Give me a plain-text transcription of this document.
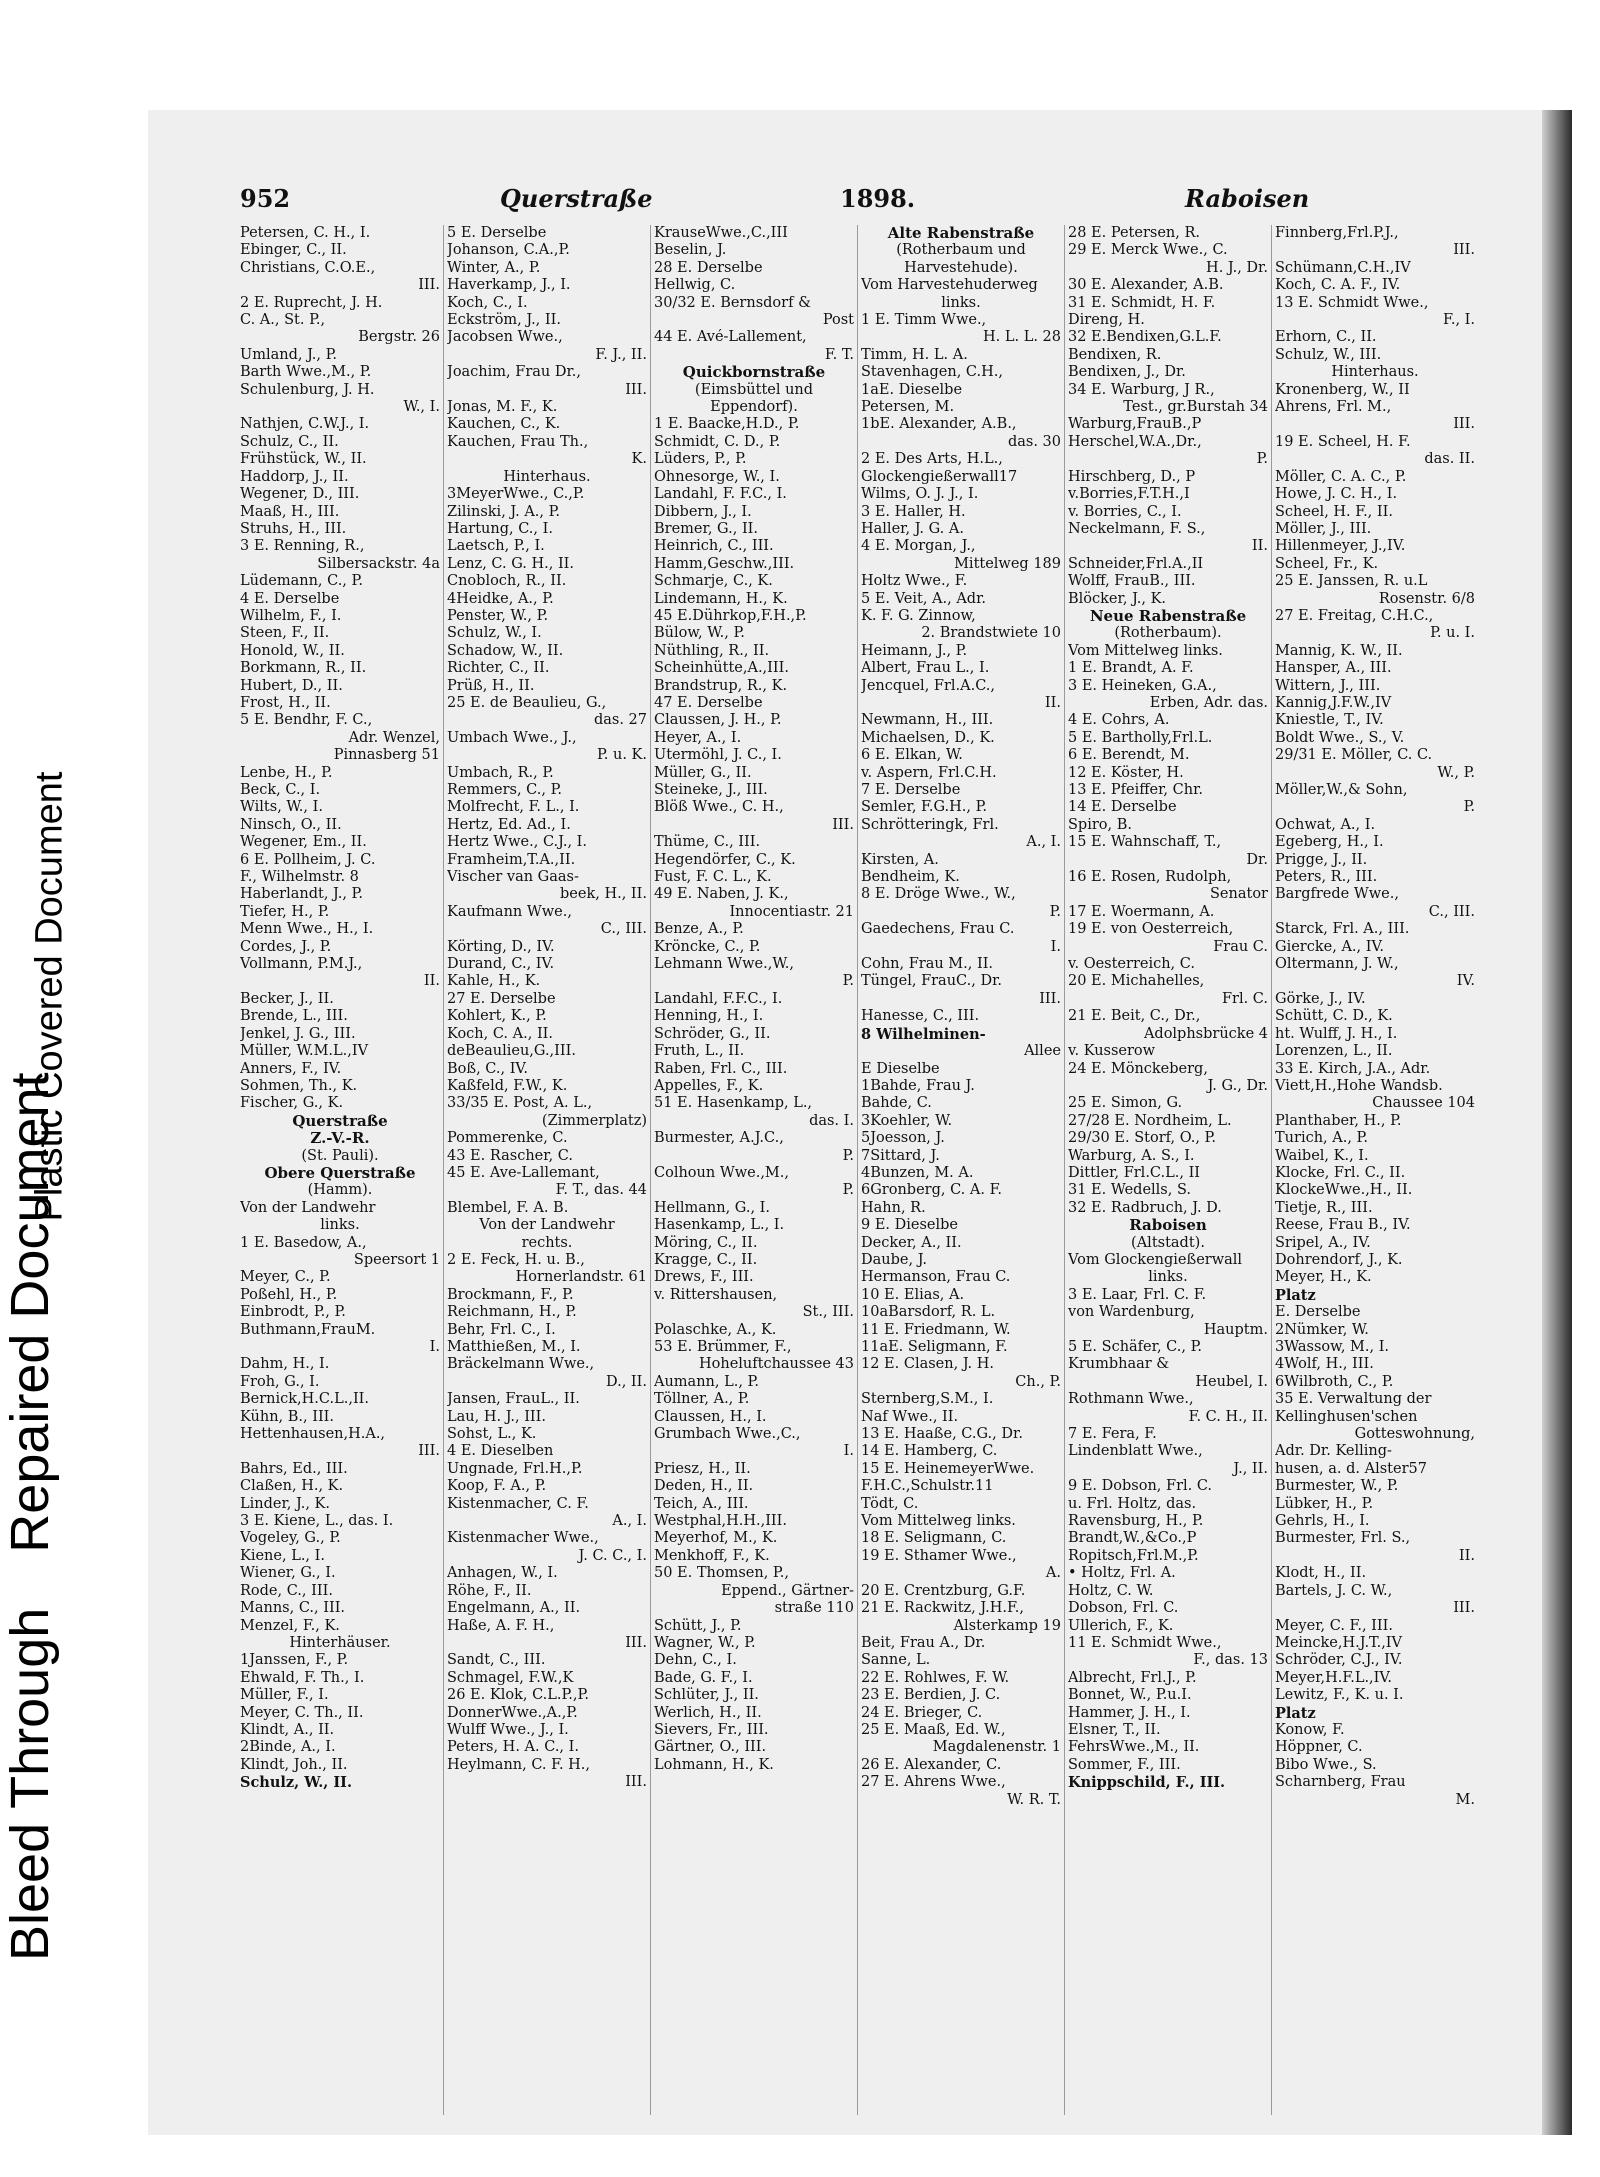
Bleed Through Repaired Document
Plastic Covered Document
952	Querstraße	1898.	Raboisen
Petersen, C. H., I.
Ebinger, C., II.
Christians, C.O.E.,
III.
2 E. Ruprecht, J. H.
C. A., St. P.,
Bergstr. 26
Umland, J., P.
Barth Wwe.,M., P.
Schulenburg, J. H.
W., I.
Nathjen, C.W.J., I.
Schulz, C., II.
Frühstück, W., II.
Haddorp, J., II.
Wegener, D., III.
Maaß, H., III.
Struhs, H., III.
3 E. Renning, R.,
Silbersackstr. 4a
Lüdemann, C., P.
4 E. Derselbe
Wilhelm, F., I.
Steen, F., II.
Honold, W., II.
Borkmann, R., II.
Hubert, D., II.
Frost, H., II.
5 E. Bendhr, F. C.,
Adr. Wenzel,
Pinnasberg 51
Lenbe, H., P.
Beck, C., I.
Wilts, W., I.
Ninsch, O., II.
Wegener, Em., II.
6 E. Pollheim, J. C.
F., Wilhelmstr. 8
Haberlandt, J., P.
Tiefer, H., P.
Menn Wwe., H., I.
Cordes, J., P.
Vollmann, P.M.J.,
II.
Becker, J., II.
Brende, L., III.
Jenkel, J. G., III.
Müller, W.M.L.,IV
Anners, F., IV.
Sohmen, Th., K.
Fischer, G., K.
Querstraße
Z.-V.-R.
(St. Pauli).
Obere Querstraße
(Hamm).
Von der Landwehr
links.
1 E. Basedow, A.,
Speersort 1
Meyer, C., P.
Poßehl, H., P.
Einbrodt, P., P.
Buthmann,FrauM.
I.
Dahm, H., I.
Froh, G., I.
Bernick,H.C.L.,II.
Kühn, B., III.
Hettenhausen,H.A.,
III.
Bahrs, Ed., III.
Claßen, H., K.
Linder, J., K.
3 E. Kiene, L., das. I.
Vogeley, G., P.
Kiene, L., I.
Wiener, G., I.
Rode, C., III.
Manns, C., III.
Menzel, F., K.
Hinterhäuser.
1Janssen, F., P.
Ehwald, F. Th., I.
Müller, F., I.
Meyer, C. Th., II.
Klindt, A., II.
2Binde, A., I.
Klindt, Joh., II.
Schulz, W., II.
5 E. Derselbe
Johanson, C.A.,P.
Winter, A., P.
Haverkamp, J., I.
Koch, C., I.
Eckström, J., II.
Jacobsen Wwe.,
F. J., II.
Joachim, Frau Dr.,
III.
Jonas, M. F., K.
Kauchen, C., K.
Kauchen, Frau Th.,
K.
Hinterhaus.
3MeyerWwe., C.,P.
Zilinski, J. A., P.
Hartung, C., I.
Laetsch, P., I.
Lenz, C. G. H., II.
Cnobloch, R., II.
4Heidke, A., P.
Penster, W., P.
Schulz, W., I.
Schadow, W., II.
Richter, C., II.
Prüß, H., II.
25 E. de Beaulieu, G.,
das. 27
Umbach Wwe., J.,
P. u. K.
Umbach, R., P.
Remmers, C., P.
Molfrecht, F. L., I.
Hertz, Ed. Ad., I.
Hertz Wwe., C.J., I.
Framheim,T.A.,II.
Vischer van Gaas-
beek, H., II.
Kaufmann Wwe.,
C., III.
Körting, D., IV.
Durand, C., IV.
Kahle, H., K.
27 E. Derselbe
Kohlert, K., P.
Koch, C. A., II.
deBeaulieu,G.,III.
Boß, C., IV.
Kaßfeld, F.W., K.
33/35 E. Post, A. L.,
(Zimmerplatz)
Pommerenke, C.
43 E. Rascher, C.
45 E. Ave-Lallemant,
F. T., das. 44
Blembel, F. A. B.
Von der Landwehr
rechts.
2 E. Feck, H. u. B.,
Hornerlandstr. 61
Brockmann, F., P.
Reichmann, H., P.
Behr, Frl. C., I.
Matthießen, M., I.
Bräckelmann Wwe.,
D., II.
Jansen, FrauL., II.
Lau, H. J., III.
Sohst, L., K.
4 E. Dieselben
Ungnade, Frl.H.,P.
Koop, F. A., P.
Kistenmacher, C. F.
A., I.
Kistenmacher Wwe.,
J. C. C., I.
Anhagen, W., I.
Röhe, F., II.
Engelmann, A., II.
Haße, A. F. H.,
III.
Sandt, C., III.
Schmagel, F.W.,K
26 E. Klok, C.L.P.,P.
DonnerWwe.,A.,P.
Wulff Wwe., J., I.
Peters, H. A. C., I.
Heylmann, C. F. H.,
III.
KrauseWwe.,C.,III
Beselin, J.
28 E. Derselbe
Hellwig, C.
30/32 E. Bernsdorf &
Post
44 E. Avé-Lallement,
F. T.
Quickbornstraße
(Eimsbüttel und
Eppendorf).
1 E. Baacke,H.D., P.
Schmidt, C. D., P.
Lüders, P., P.
Ohnesorge, W., I.
Landahl, F. F.C., I.
Dibbern, J., I.
Bremer, G., II.
Heinrich, C., III.
Hamm,Geschw.,III.
Schmarje, C., K.
Lindemann, H., K.
45 E.Dührkop,F.H.,P.
Bülow, W., P.
Nüthling, R., II.
Scheinhütte,A.,III.
Brandstrup, R., K.
47 E. Derselbe
Claussen, J. H., P.
Heyer, A., I.
Utermöhl, J. C., I.
Müller, G., II.
Steineke, J., III.
Blöß Wwe., C. H.,
III.
Thüme, C., III.
Hegendörfer, C., K.
Fust, F. C. L., K.
49 E. Naben, J. K.,
Innocentiastr. 21
Benze, A., P.
Kröncke, C., P.
Lehmann Wwe.,W.,
P.
Landahl, F.F.C., I.
Henning, H., I.
Schröder, G., II.
Fruth, L., II.
Raben, Frl. C., III.
Appelles, F., K.
51 E. Hasenkamp, L.,
das. I.
Burmester, A.J.C.,
P.
Colhoun Wwe.,M.,
P.
Hellmann, G., I.
Hasenkamp, L., I.
Möring, C., II.
Kragge, C., II.
Drews, F., III.
v. Rittershausen,
St., III.
Polaschke, A., K.
53 E. Brümmer, F.,
Hoheluftchaussee 43
Aumann, L., P.
Töllner, A., P.
Claussen, H., I.
Grumbach Wwe.,C.,
I.
Priesz, H., II.
Deden, H., II.
Teich, A., III.
Westphal,H.H.,III.
Meyerhof, M., K.
Menkhoff, F., K.
50 E. Thomsen, P.,
Eppend., Gärtner-
straße 110
Schütt, J., P.
Wagner, W., P.
Dehn, C., I.
Bade, G. F., I.
Schlüter, J., II.
Werlich, H., II.
Sievers, Fr., III.
Gärtner, O., III.
Lohmann, H., K.
Alte Rabenstraße
(Rotherbaum und
Harvestehude).
Vom Harvestehuderweg
links.
1 E. Timm Wwe.,
H. L. L. 28
Timm, H. L. A.
Stavenhagen, C.H.,
1aE. Dieselbe
Petersen, M.
1bE. Alexander, A.B.,
das. 30
2 E. Des Arts, H.L.,
Glockengießerwall17
Wilms, O. J. J., I.
3 E. Haller, H.
Haller, J. G. A.
4 E. Morgan, J.,
Mittelweg 189
Holtz Wwe., F.
5 E. Veit, A., Adr.
K. F. G. Zinnow,
2. Brandstwiete 10
Heimann, J., P.
Albert, Frau L., I.
Jencquel, Frl.A.C.,
II.
Newmann, H., III.
Michaelsen, D., K.
6 E. Elkan, W.
v. Aspern, Frl.C.H.
7 E. Derselbe
Semler, F.G.H., P.
Schrötteringk, Frl.
A., I.
Kirsten, A.
Bendheim, K.
8 E. Dröge Wwe., W.,
P.
Gaedechens, Frau C.
I.
Cohn, Frau M., II.
Tüngel, FrauC., Dr.
III.
Hanesse, C., III.
8 Wilhelminen-
Allee
E Dieselbe
1Bahde, Frau J.
Bahde, C.
3Koehler, W.
5Joesson, J.
7Sittard, J.
4Bunzen, M. A.
6Gronberg, C. A. F.
Hahn, R.
9 E. Dieselbe
Decker, A., II.
Daube, J.
Hermanson, Frau C.
10 E. Elias, A.
10aBarsdorf, R. L.
11 E. Friedmann, W.
11aE. Seligmann, F.
12 E. Clasen, J. H.
Ch., P.
Sternberg,S.M., I.
Naf Wwe., II.
13 E. Haaße, C.G., Dr.
14 E. Hamberg, C.
15 E. HeinemeyerWwe.
F.H.C.,Schulstr.11
Tödt, C.
Vom Mittelweg links.
18 E. Seligmann, C.
19 E. Sthamer Wwe.,
A.
20 E. Crentzburg, G.F.
21 E. Rackwitz, J.H.F.,
Alsterkamp 19
Beit, Frau A., Dr.
Sanne, L.
22 E. Rohlwes, F. W.
23 E. Berdien, J. C.
24 E. Brieger, C.
25 E. Maaß, Ed. W.,
Magdalenenstr. 1
26 E. Alexander, C.
27 E. Ahrens Wwe.,
W. R. T.
28 E. Petersen, R.
29 E. Merck Wwe., C.
H. J., Dr.
30 E. Alexander, A.B.
31 E. Schmidt, H. F.
Direng, H.
32 E.Bendixen,G.L.F.
Bendixen, R.
Bendixen, J., Dr.
34 E. Warburg, J R.,
Test., gr.Burstah 34
Warburg,FrauB.,P
Herschel,W.A.,Dr.,
P.
Hirschberg, D., P
v.Borries,F.T.H.,I
v. Borries, C., I.
Neckelmann, F. S.,
II.
Schneider,Frl.A.,II
Wolff, FrauB., III.
Blöcker, J., K.
Neue Rabenstraße
(Rotherbaum).
Vom Mittelweg links.
1 E. Brandt, A. F.
3 E. Heineken, G.A.,
Erben, Adr. das.
4 E. Cohrs, A.
5 E. Bartholly,Frl.L.
6 E. Berendt, M.
12 E. Köster, H.
13 E. Pfeiffer, Chr.
14 E. Derselbe
Spiro, B.
15 E. Wahnschaff, T.,
Dr.
16 E. Rosen, Rudolph,
Senator
17 E. Woermann, A.
19 E. von Oesterreich,
Frau C.
v. Oesterreich, C.
20 E. Michahelles,
Frl. C.
21 E. Beit, C., Dr.,
Adolphsbrücke 4
v. Kusserow
24 E. Mönckeberg,
J. G., Dr.
25 E. Simon, G.
27/28 E. Nordheim, L.
29/30 E. Storf, O., P.
Warburg, A. S., I.
Dittler, Frl.C.L., II
31 E. Wedells, S.
32 E. Radbruch, J. D.
Raboisen
(Altstadt).
Vom Glockengießerwall
links.
3 E. Laar, Frl. C. F.
von Wardenburg,
Hauptm.
5 E. Schäfer, C., P.
Krumbhaar &
Heubel, I.
Rothmann Wwe.,
F. C. H., II.
7 E. Fera, F.
Lindenblatt Wwe.,
J., II.
9 E. Dobson, Frl. C.
u. Frl. Holtz, das.
Ravensburg, H., P.
Brandt,W.,&Co.,P
Ropitsch,Frl.M.,P.
• Holtz, Frl. A.
Holtz, C. W.
Dobson, Frl. C.
Ullerich, F., K.
11 E. Schmidt Wwe.,
F., das. 13
Albrecht, Frl.J., P.
Bonnet, W., P.u.I.
Hammer, J. H., I.
Elsner, T., II.
FehrsWwe.,M., II.
Sommer, F., III.
Knippschild, F., III.
Finnberg,Frl.P.J.,
III.
Schümann,C.H.,IV
Koch, C. A. F., IV.
13 E. Schmidt Wwe.,
F., I.
Erhorn, C., II.
Schulz, W., III.
Hinterhaus.
Kronenberg, W., II
Ahrens, Frl. M.,
III.
19 E. Scheel, H. F.
das. II.
Möller, C. A. C., P.
Howe, J. C. H., I.
Scheel, H. F., II.
Möller, J., III.
Hillenmeyer, J.,IV.
Scheel, Fr., K.
25 E. Janssen, R. u.L
Rosenstr. 6/8
27 E. Freitag, C.H.C.,
P. u. I.
Mannig, K. W., II.
Hansper, A., III.
Wittern, J., III.
Kannig,J.F.W.,IV
Kniestle, T., IV.
Boldt Wwe., S., V.
29/31 E. Möller, C. C.
W., P.
Möller,W.,& Sohn,
P.
Ochwat, A., I.
Egeberg, H., I.
Prigge, J., II.
Peters, R., III.
Bargfrede Wwe.,
C., III.
Starck, Frl. A., III.
Giercke, A., IV.
Oltermann, J. W.,
IV.
Görke, J., IV.
Schütt, C. D., K.
ht. Wulff, J. H., I.
Lorenzen, L., II.
33 E. Kirch, J.A., Adr.
Viett,H.,Hohe Wandsb.
Chaussee 104
Planthaber, H., P.
Turich, A., P.
Waibel, K., I.
Klocke, Frl. C., II.
KlockeWwe.,H., II.
Tietje, R., III.
Reese, Frau B., IV.
Sripel, A., IV.
Dohrendorf, J., K.
Meyer, H., K.
Platz
E. Derselbe
2Nümker, W.
3Wassow, M., I.
4Wolf, H., III.
6Wilbroth, C., P.
35 E. Verwaltung der
Kellinghusen'schen
Gotteswohnung,
Adr. Dr. Kelling-
husen, a. d. Alster57
Burmester, W., P.
Lübker, H., P.
Gehrls, H., I.
Burmester, Frl. S.,
II.
Klodt, H., II.
Bartels, J. C. W.,
III.
Meyer, C. F., III.
Meincke,H.J.T.,IV
Schröder, C.J., IV.
Meyer,H.F.L.,IV.
Lewitz, F., K. u. I.
Platz
Konow, F.
Höppner, C.
Bibo Wwe., S.
Scharnberg, Frau
M.
